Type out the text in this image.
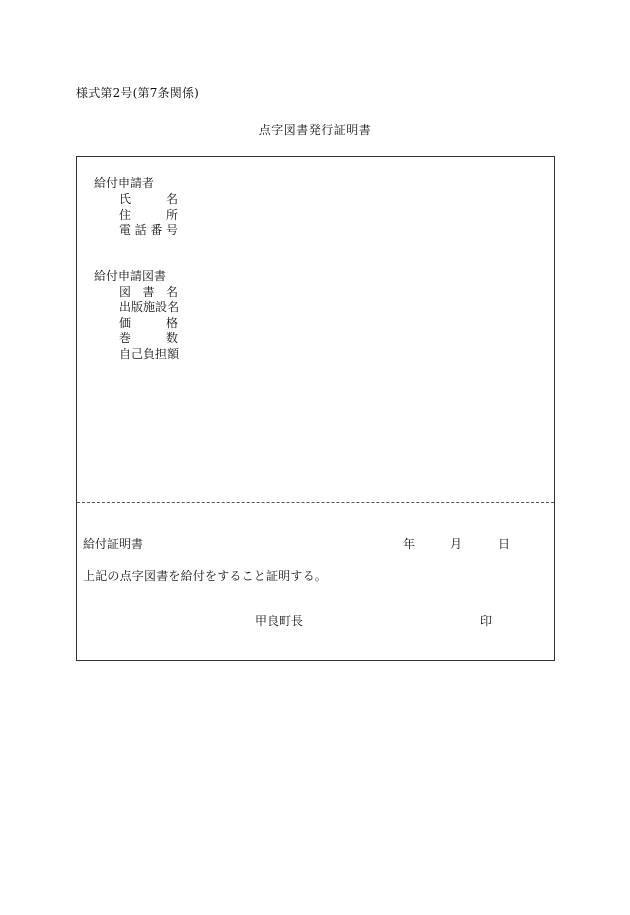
様式第2号(第7条関係)
点字図書発行証明書
給付申請者
氏	名
住	所
電 話 番 号
給付申請図書
図 書 名
出 版 施 設 名
価	格
巻	数
自 己 負 担 額
給付証明書	年	月	日
上記の点字図書を給付をすること証明する。
甲良町長	印
